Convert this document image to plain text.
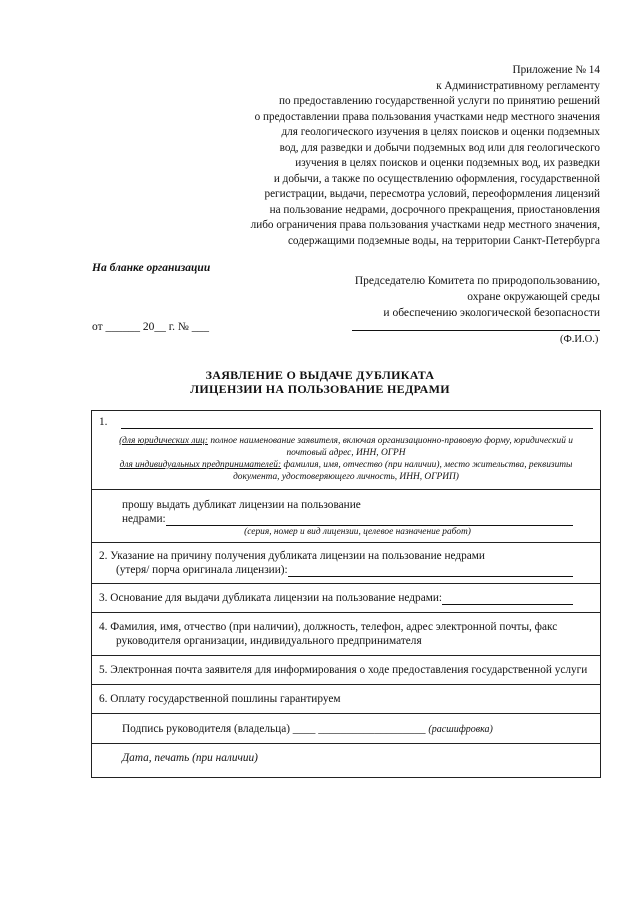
Приложение № 14
к Административному регламенту
по предоставлению государственной услуги по принятию решений
о предоставлении права пользования участками недр местного значения
для геологического изучения в целях поисков и оценки подземных
вод, для разведки и добычи подземных вод или для геологического
изучения в целях поисков и оценки подземных вод, их разведки
и добычи, а также по осуществлению оформления, государственной
регистрации, выдачи, пересмотра условий, переоформления лицензий
на пользование недрами, досрочного прекращения, приостановления
либо ограничения права пользования участками недр местного значения,
содержащими подземные воды, на территории Санкт-Петербурга
На бланке организации
Председателю Комитета по природопользованию,
охране окружающей среды
и обеспечению экологической безопасности
(Ф.И.О.)
от ______ 20__ г. № ___
ЗАЯВЛЕНИЕ О ВЫДАЧЕ ДУБЛИКАТА
ЛИЦЕНЗИИ НА ПОЛЬЗОВАНИЕ НЕДРАМИ
1.
(для юридических лиц: полное наименование заявителя, включая организационно-правовую форму, юридический и почтовый адрес, ИНН, ОГРН
для индивидуальных предпринимателей: фамилия, имя, отчество (при наличии), место жительства, реквизиты документа, удостоверяющего личность, ИНН, ОГРИП)

прошу выдать дубликат лицензии на пользование
недрами:
(серия, номер и вид лицензии, целевое назначение работ)

2. Указание на причину получения дубликата лицензии на пользование недрами
(утеря/ порча оригинала лицензии):

3. Основание для выдачи дубликата лицензии на пользование недрами:

4. Фамилия, имя, отчество (при наличии), должность, телефон, адрес электронной почты, факс руководителя организации, индивидуального предпринимателя

5. Электронная почта заявителя для информирования о ходе предоставления государственной услуги

6. Оплату государственной пошлины гарантируем

Подпись руководителя (владельца) ____ ___________________ (расшифровка)
Дата, печать (при наличии)
